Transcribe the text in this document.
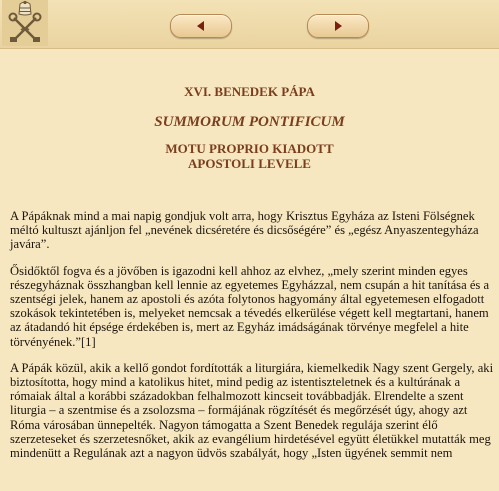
XVI. BENEDEK PÁPA

SUMMORUM PONTIFICUM

MOTU PROPRIO KIADOTT
APOSTOLI LEVELE

A Pápáknak mind a mai napig gondjuk volt arra, hogy Krisztus Egyháza az Isteni Fölségnek méltó kultuszt ajánljon fel „nevének dicséretére és dicsőségére” és „egész Anyaszentegyháza javára”.

Ősidőktől fogva és a jövőben is igazodni kell ahhoz az elvhez, „mely szerint minden egyes részegyháznak összhangban kell lennie az egyetemes Egyházzal, nem csupán a hit tanítása és a szentségi jelek, hanem az apostoli és azóta folytonos hagyomány által egyetemesen elfogadott szokások tekintetében is, melyeket nemcsak a tévedés elkerülése végett kell megtartani, hanem az átadandó hit épsége érdekében is, mert az Egyház imádságának törvénye megfelel a hite törvényének.”[1]

A Pápák közül, akik a kellő gondot fordították a liturgiára, kiemelkedik Nagy szent Gergely, aki biztosította, hogy mind a katolikus hitet, mind pedig az istentiszteletnek és a kultúrának a rómaiak által a korábbi századokban felhalmozott kincseit továbbadják. Elrendelte a szent liturgia – a szentmise és a zsolozsma – formájának rögzítését és megőrzését úgy, ahogy azt Róma városában ünnepelték. Nagyon támogatta a Szent Benedek regulája szerint élő szerzeteseket és szerzetesnőket, akik az evangélium hirdetésével együtt életükkel mutatták meg mindenütt a Regulának azt a nagyon üdvös szabályát, hogy „Isten ügyének semmit nem
